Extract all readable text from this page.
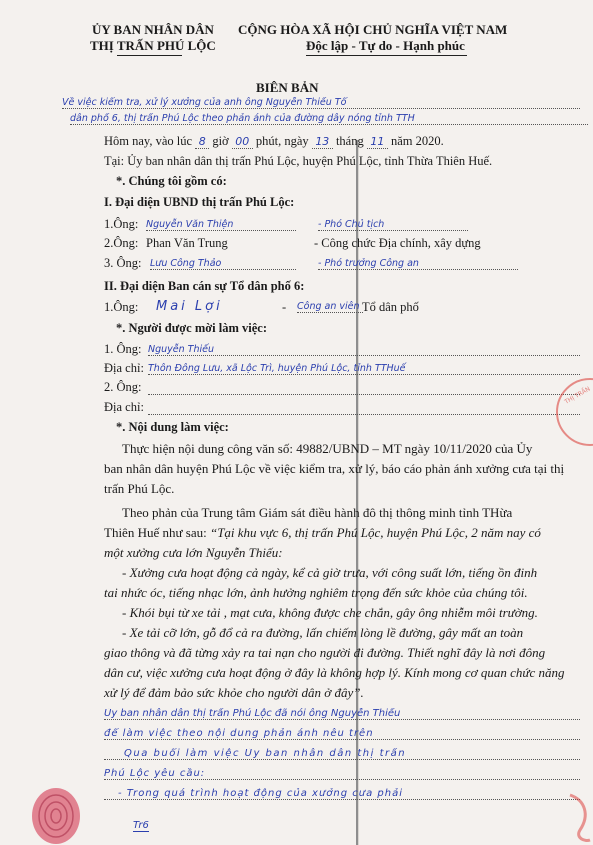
ỦY BAN NHÂN DÂN
THỊ TRẤN PHÚ LỘC
CỘNG HÒA XÃ HỘI CHỦ NGHĨA VIỆT NAM
Độc lập - Tự do - Hạnh phúc
BIÊN BẢN
Về việc kiểm tra, xử lý xưởng của anh ông Nguyễn Thiếu Tổ
dân phố 6, thị trấn Phú Lộc theo phản ánh của đường dây nóng tỉnh TTH
Hôm nay, vào lúc 8 giờ 00 phút, ngày 13 tháng 11 năm 2020.
Tại: Ủy ban nhân dân thị trấn Phú Lộc, huyện Phú Lộc, tỉnh Thừa Thiên Huế.
*. Chúng tôi gồm có:
I. Đại diện UBND thị trấn Phú Lộc:
1.Ông: Nguyễn Văn Thiện	- Phó Chủ tịch
2.Ông: Phan Văn Trung	- Công chức Địa chính, xây dựng
3. Ông: Lưu Công Thảo	- Phó trưởng Công an
II. Đại diện Ban cán sự Tổ dân phố 6:
1.Ông: Mai Lợi	- Công an viên Tổ dân phố
*. Người được mời làm việc:
1. Ông: Nguyễn Thiếu
Địa chỉ: Thôn Đông Lưu, xã Lộc Trì, huyện Phú Lộc, tỉnh TTHuế
2. Ông:
Địa chỉ:
*. Nội dung làm việc:
Thực hiện nội dung công văn số: 49882/UBND – MT ngày 10/11/2020 của Ủy
ban nhân dân huyện Phú Lộc về việc kiểm tra, xử lý, báo cáo phản ánh xưởng cưa tại thị
trấn Phú Lộc.
Theo phản của Trung tâm Giám sát điều hành đô thị thông minh tỉnh THừa
Thiên Huế như sau: “Tại khu vực 6, thị trấn Phú Lộc, huyện Phú Lộc, 2 năm nay có
một xưởng cưa lớn Nguyễn Thiếu:
- Xưởng cưa hoạt động cả ngày, kể cả giờ trưa, với công suất lớn, tiếng ồn đinh
tai nhức óc, tiếng nhạc lớn, ảnh hưởng nghiêm trọng đến sức khỏe của chúng tôi.
- Khói bụi từ xe tải , mạt cưa, không được che chắn, gây ông nhiễm môi trường.
- Xe tải cỡ lớn, gỗ đổ cả ra đường, lấn chiếm lòng lề đường, gây mất an toàn
giao thông và đã từng xảy ra tai nạn cho người đi đường. Thiết nghĩ đây là nơi đông
dân cư, việc xưởng cưa hoạt động ở đây là không hợp lý. Kính mong cơ quan chức năng
xử lý để đảm bảo sức khỏe cho người dân ở đây”.
Ủy ban nhân dân thị trấn Phú Lộc đã nói ông Nguyễn Thiếu
để làm việc theo nội dung phản ánh nêu trên
Qua buổi làm việc Ủy ban nhân dân thị trấn
Phú Lộc yêu cầu:
- Trong quá trình hoạt động của xưởng cưa phải
Tr6
THỊ TRẤN
